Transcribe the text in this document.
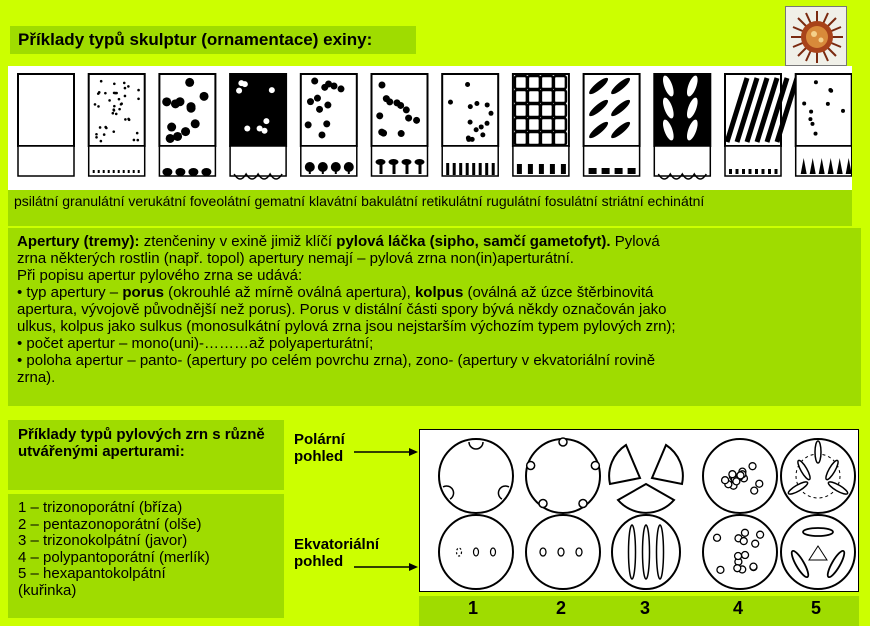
Příklady typů skulptur (ornamentace) exiny:
psilátní granulátní verukátní foveolátní gematní klavátní bakulátní retikulátní rugulátní fosulátní striátní echinátní
Apertury (tremy): ztenčeniny v exině jimiž klíčí pylová láčka (sipho, samčí gametofyt). Pylová
zrna některých rostlin (např. topol) apertury nemají – pylová zrna non(in)aperturátní.
Při popisu apertur pylového zrna se udává:
• typ apertury – porus (okrouhlé až mírně oválná apertura), kolpus (oválná až úzce štěrbinovitá
apertura, vývojově původnější než porus). Porus v distální části spory bývá někdy označován jako
ulkus, kolpus jako sulkus (monosulkátní pylová zrna jsou nejstarším výchozím typem pylových zrn);
• počet apertur – mono(uni)-………až polyaperturátní;
• poloha apertur – panto- (apertury po celém povrchu zrna), zono- (apertury v ekvatoriální rovině
zrna).
Příklady typů pylových zrn s různě utvářenými aperturami:
1 – trizonoporátní (bříza)
2 – pentazonoporátní (olše)
3 – trizonokolpátní (javor)
4 – polypantoporátní (merlík)
5 – hexapantokolpátní
(kuřinka)
Polární pohled
Ekvatoriální pohled
1	2	3	4	5
